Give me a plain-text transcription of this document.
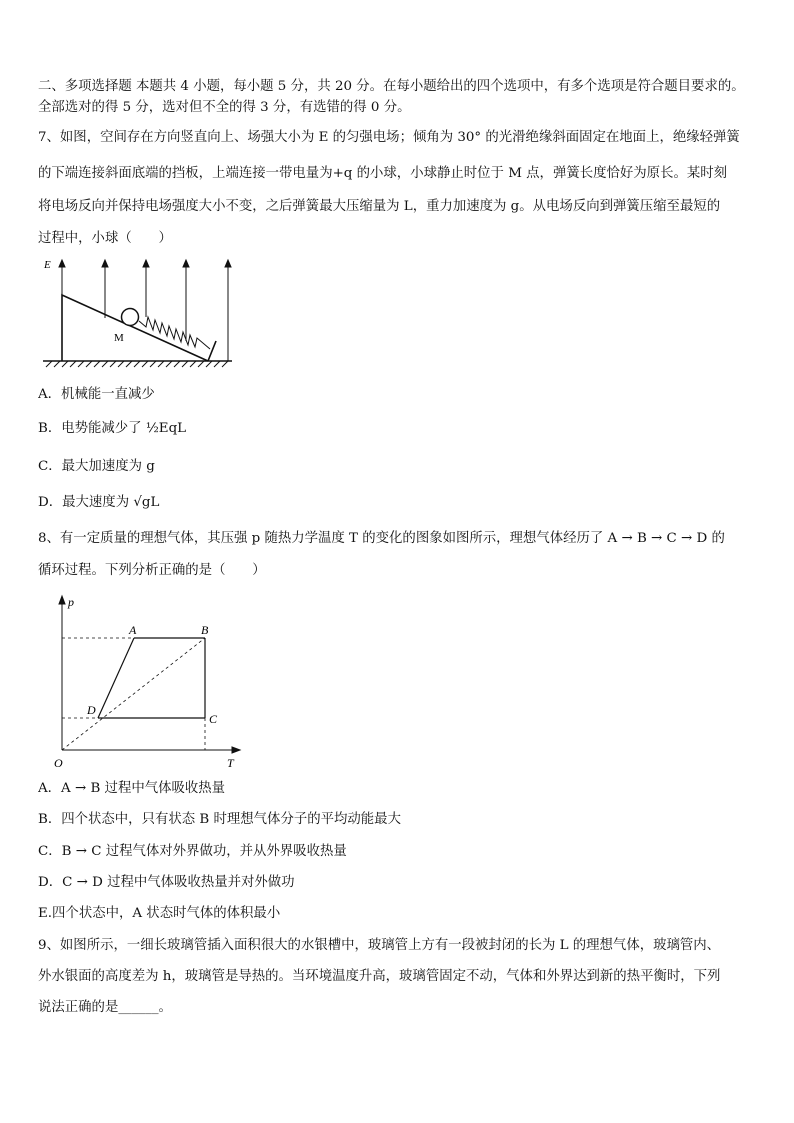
二、多项选择题 本题共 4 小题，每小题 5 分，共 20 分。在每小题给出的四个选项中，有多个选项是符合题目要求的。
全部选对的得 5 分，选对但不全的得 3 分，有选错的得 0 分。
7、如图，空间存在方向竖直向上、场强大小为 E 的匀强电场；倾角为 30° 的光滑绝缘斜面固定在地面上，绝缘轻弹簧
的下端连接斜面底端的挡板，上端连接一带电量为+q 的小球，小球静止时位于 M 点，弹簧长度恰好为原长。某时刻
将电场反向并保持电场强度大小不变，之后弹簧最大压缩量为 L，重力加速度为 g。从电场反向到弹簧压缩至最短的
过程中，小球（　　）
M
E
A．机械能一直减少
B．电势能减少了 ½EqL
C．最大加速度为 g
D．最大速度为 √gL
8、有一定质量的理想气体，其压强 p 随热力学温度 T 的变化的图象如图所示，理想气体经历了 A → B → C → D 的
循环过程。下列分析正确的是（　　）
p
T
O
A	B
C
D
A．A → B 过程中气体吸收热量
B．四个状态中，只有状态 B 时理想气体分子的平均动能最大
C．B → C 过程气体对外界做功，并从外界吸收热量
D．C → D 过程中气体吸收热量并对外做功
E.四个状态中，A 状态时气体的体积最小
9、如图所示，一细长玻璃管插入面积很大的水银槽中，玻璃管上方有一段被封闭的长为 L 的理想气体，玻璃管内、
外水银面的高度差为 h，玻璃管是导热的。当环境温度升高，玻璃管固定不动，气体和外界达到新的热平衡时，下列
说法正确的是______。
